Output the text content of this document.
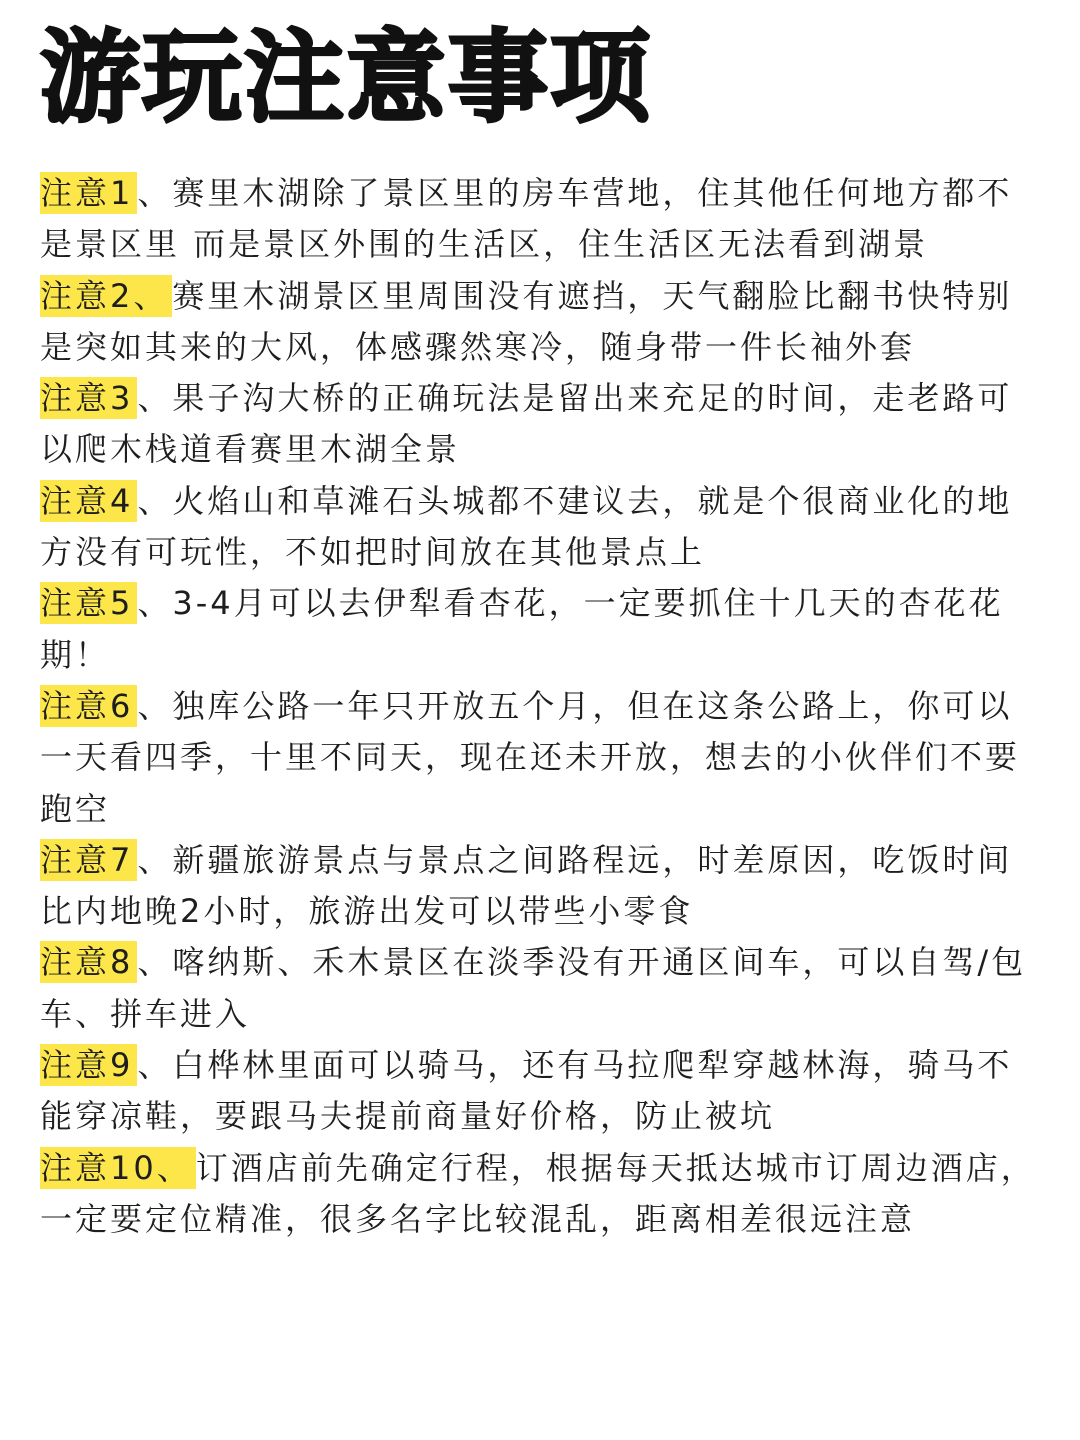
游玩注意事项

注意1 、赛里木湖除了景区里的房车营地，住其他任何地方都不是景区里 而是景区外围的生活区，住生活区无法看到湖景

注意2、 赛里木湖景区里周围没有遮挡，天气翻脸比翻书快特别是突如其来的大风，体感骤然寒冷，随身带一件长袖外套

注意3 、果子沟大桥的正确玩法是留出来充足的时间，走老路可以爬木栈道看赛里木湖全景

注意4 、火焰山和草滩石头城都不建议去，就是个很商业化的地方没有可玩性，不如把时间放在其他景点上

注意5 、3-4月可以去伊犁看杏花，一定要抓住十几天的杏花花期！

注意6 、独库公路一年只开放五个月，但在这条公路上，你可以一天看四季，十里不同天，现在还未开放，想去的小伙伴们不要跑空

注意7 、新疆旅游景点与景点之间路程远，时差原因，吃饭时间比内地晚2小时，旅游出发可以带些小零食

注意8 、喀纳斯、禾木景区在淡季没有开通区间车，可以自驾/包车、拼车进入

注意9 、白桦林里面可以骑马，还有马拉爬犁穿越林海，骑马不能穿凉鞋，要跟马夫提前商量好价格，防止被坑

注意10、 订酒店前先确定行程，根据每天抵达城市订周边酒店，一定要定位精准，很多名字比较混乱，距离相差很远注意
